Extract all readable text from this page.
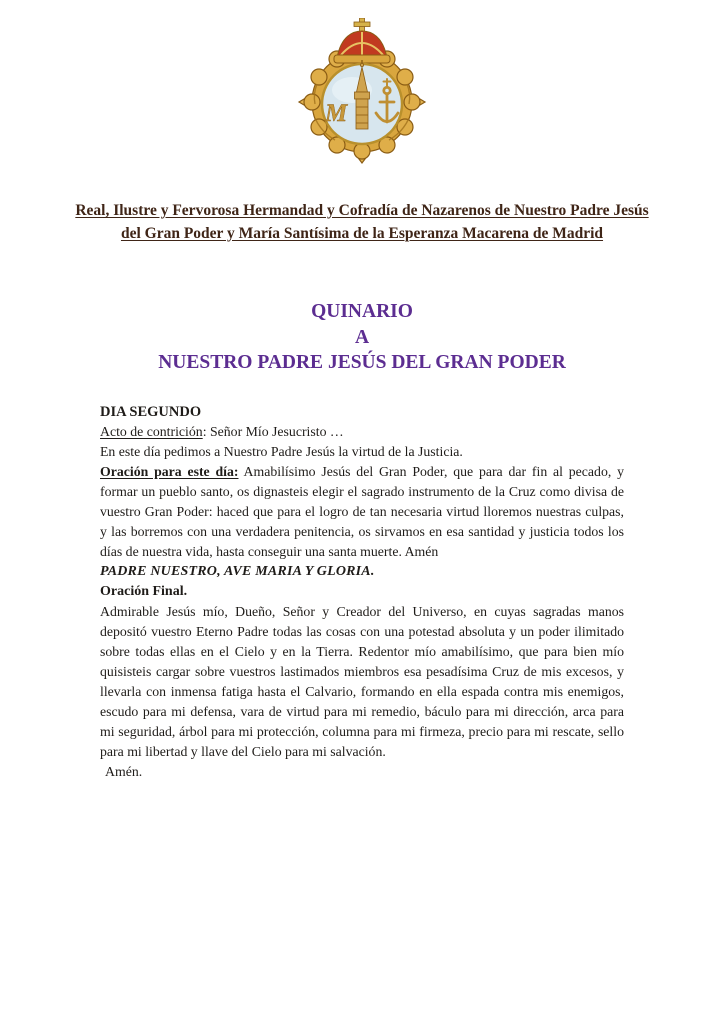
M
Real, Ilustre y Fervorosa Hermandad y Cofradía de Nazarenos de Nuestro Padre Jesús del Gran Poder y María Santísima de la Esperanza Macarena de Madrid
QUINARIO
A
NUESTRO PADRE JESÚS DEL GRAN PODER

DIA SEGUNDO

Acto de contrición: Señor Mío Jesucristo …

En este día pedimos a Nuestro Padre Jesús la virtud de la Justicia.

Oración para este día: Amabilísimo Jesús del Gran Poder, que para dar fin al pecado, y formar un pueblo santo, os dignasteis elegir el sagrado instrumento de la Cruz como divisa de vuestro Gran Poder: haced que para el logro de tan necesaria virtud lloremos nuestras culpas, y las borremos con una verdadera penitencia, os sirvamos en esa santidad y justicia todos los días de nuestra vida, hasta conseguir una santa muerte. Amén

PADRE NUESTRO, AVE MARIA Y GLORIA.

Oración Final.

Admirable Jesús mío, Dueño, Señor y Creador del Universo, en cuyas sagradas manos depositó vuestro Eterno Padre todas las cosas con una potestad absoluta y un poder ilimitado sobre todas ellas en el Cielo y en la Tierra. Redentor mío amabilísimo, que para bien mío quisisteis cargar sobre vuestros lastimados miembros esa pesadísima Cruz de mis excesos, y llevarla con inmensa fatiga hasta el Calvario, formando en ella espada contra mis enemigos, escudo para mi defensa, vara de virtud para mi remedio, báculo para mi dirección, arca para mi seguridad, árbol para mi protección, columna para mi firmeza, precio para mi rescate, sello para mi libertad y llave del Cielo para mi salvación.

Amén.
